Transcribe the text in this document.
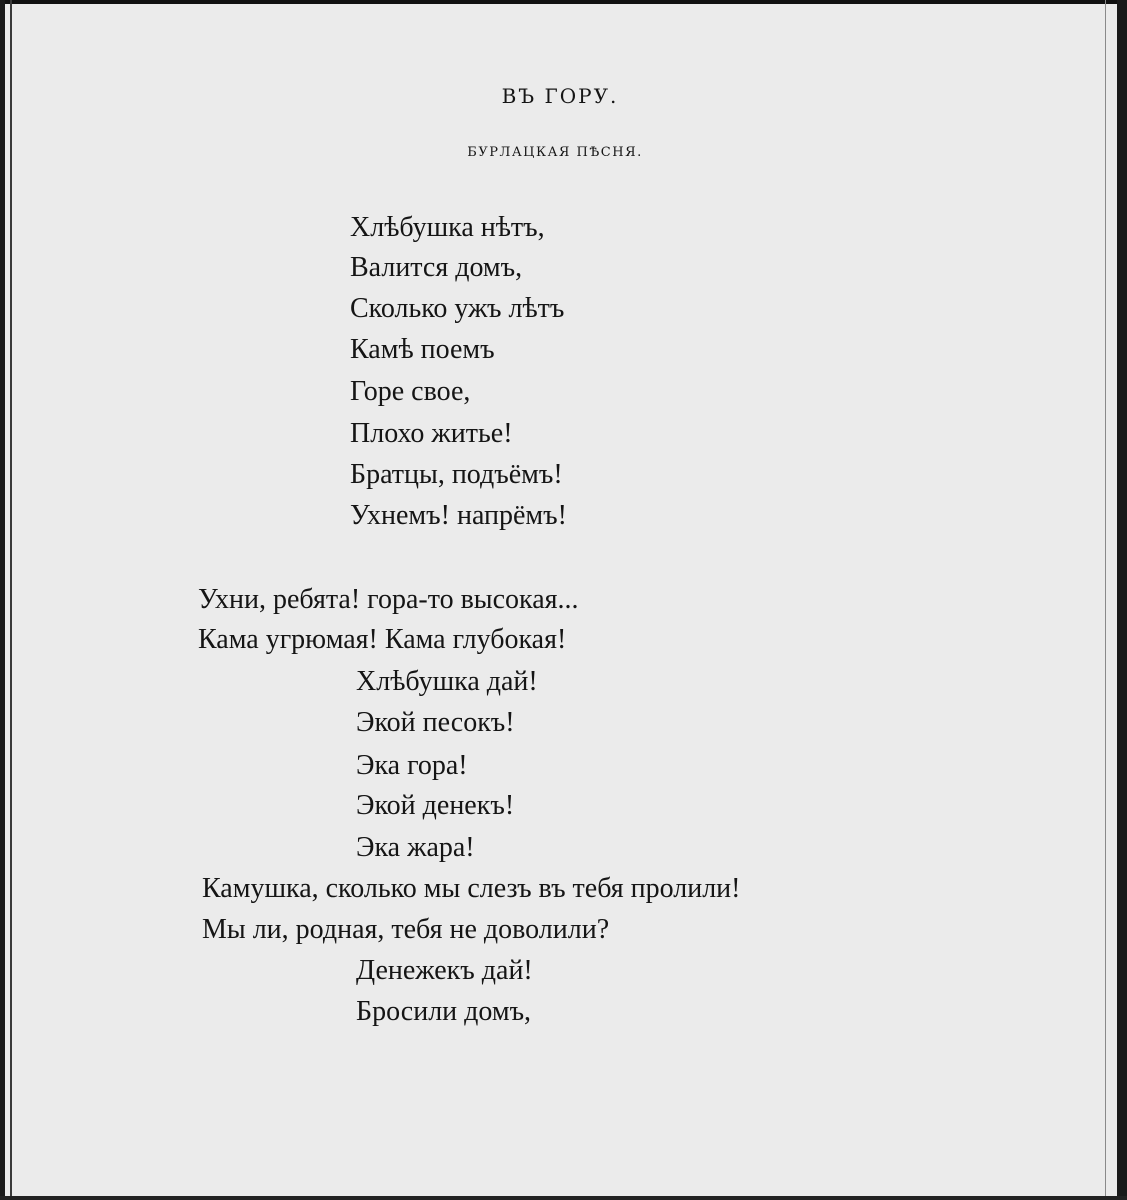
ВЪ ГОРУ.
БУРЛАЦКАЯ ПѢСНЯ.
Хлѣбушка нѣтъ,
Валится домъ,
Сколько ужъ лѣтъ
Камѣ поемъ
Горе свое,
Плохо житье!
Братцы, подъёмъ!
Ухнемъ! напрёмъ!
Ухни, ребята! гора-то высокая...
Кама угрюмая! Кама глубокая!
Хлѣбушка дай!
Экой песокъ!
Эка гора!
Экой денекъ!
Эка жара!
Камушка, сколько мы слезъ въ тебя пролили!
Мы ли, родная, тебя не доволили?
Денежекъ дай!
Бросили домъ,
